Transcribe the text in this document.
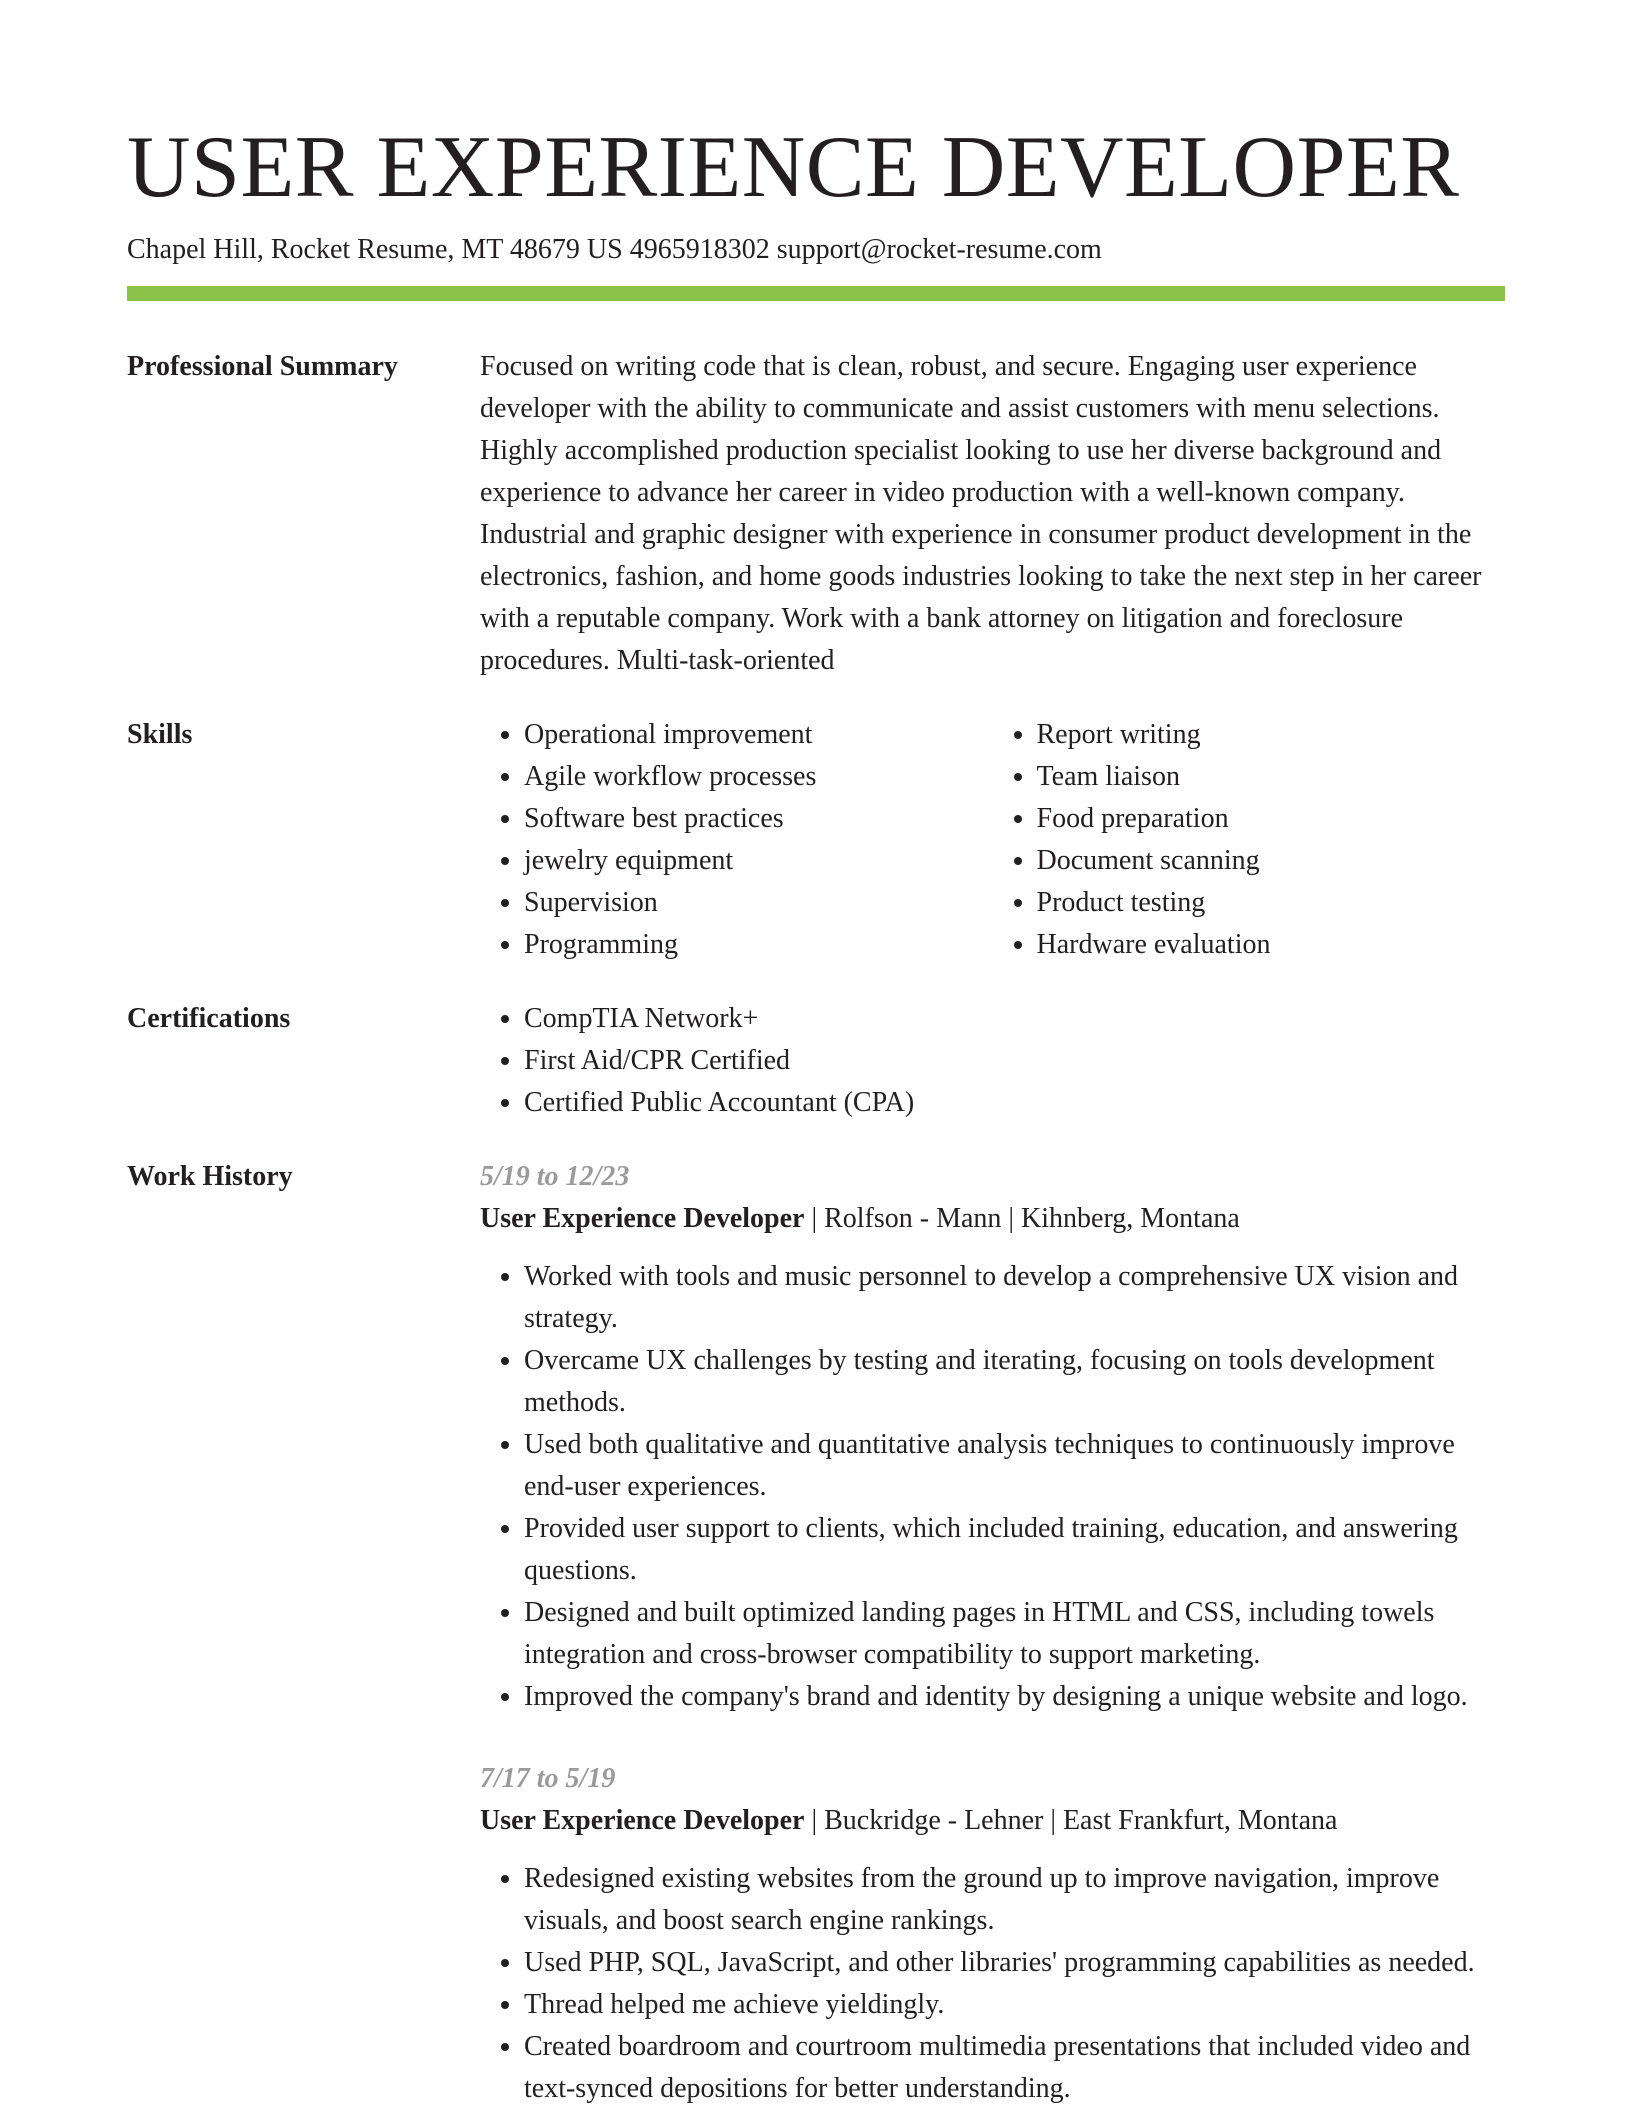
USER EXPERIENCE DEVELOPER
Chapel Hill, Rocket Resume, MT 48679 US 4965918302 support@rocket-resume.com
Professional Summary	Focused on writing code that is clean, robust, and secure. Engaging user experience developer with the ability to communicate and assist customers with menu selections. Highly accomplished production specialist looking to use her diverse background and experience to advance her career in video production with a well-known company. Industrial and graphic designer with experience in consumer product development in the electronics, fashion, and home goods industries looking to take the next step in her career with a reputable company. Work with a bank attorney on litigation and foreclosure procedures. Multi-task-oriented

Skills	• Operational improvement
• Agile workflow processes
• Software best practices
• jewelry equipment
• Supervision
• Programming
• Report writing
• Team liaison
• Food preparation
• Document scanning
• Product testing
• Hardware evaluation
Certifications	• CompTIA Network+
• First Aid/CPR Certified
• Certified Public Accountant (CPA)
Work History	5/19 to 12/23
User Experience Developer | Rolfson - Mann | Kihnberg, Montana
• Worked with tools and music personnel to develop a comprehensive UX vision and strategy.
• Overcame UX challenges by testing and iterating, focusing on tools development methods.
• Used both qualitative and quantitative analysis techniques to continuously improve end-user experiences.
• Provided user support to clients, which included training, education, and answering questions.
• Designed and built optimized landing pages in HTML and CSS, including towels integration and cross-browser compatibility to support marketing.
• Improved the company's brand and identity by designing a unique website and logo.
7/17 to 5/19
User Experience Developer | Buckridge - Lehner | East Frankfurt, Montana
• Redesigned existing websites from the ground up to improve navigation, improve visuals, and boost search engine rankings.
• Used PHP, SQL, JavaScript, and other libraries' programming capabilities as needed.
• Thread helped me achieve yieldingly.
• Created boardroom and courtroom multimedia presentations that included video and text-synced depositions for better understanding.
